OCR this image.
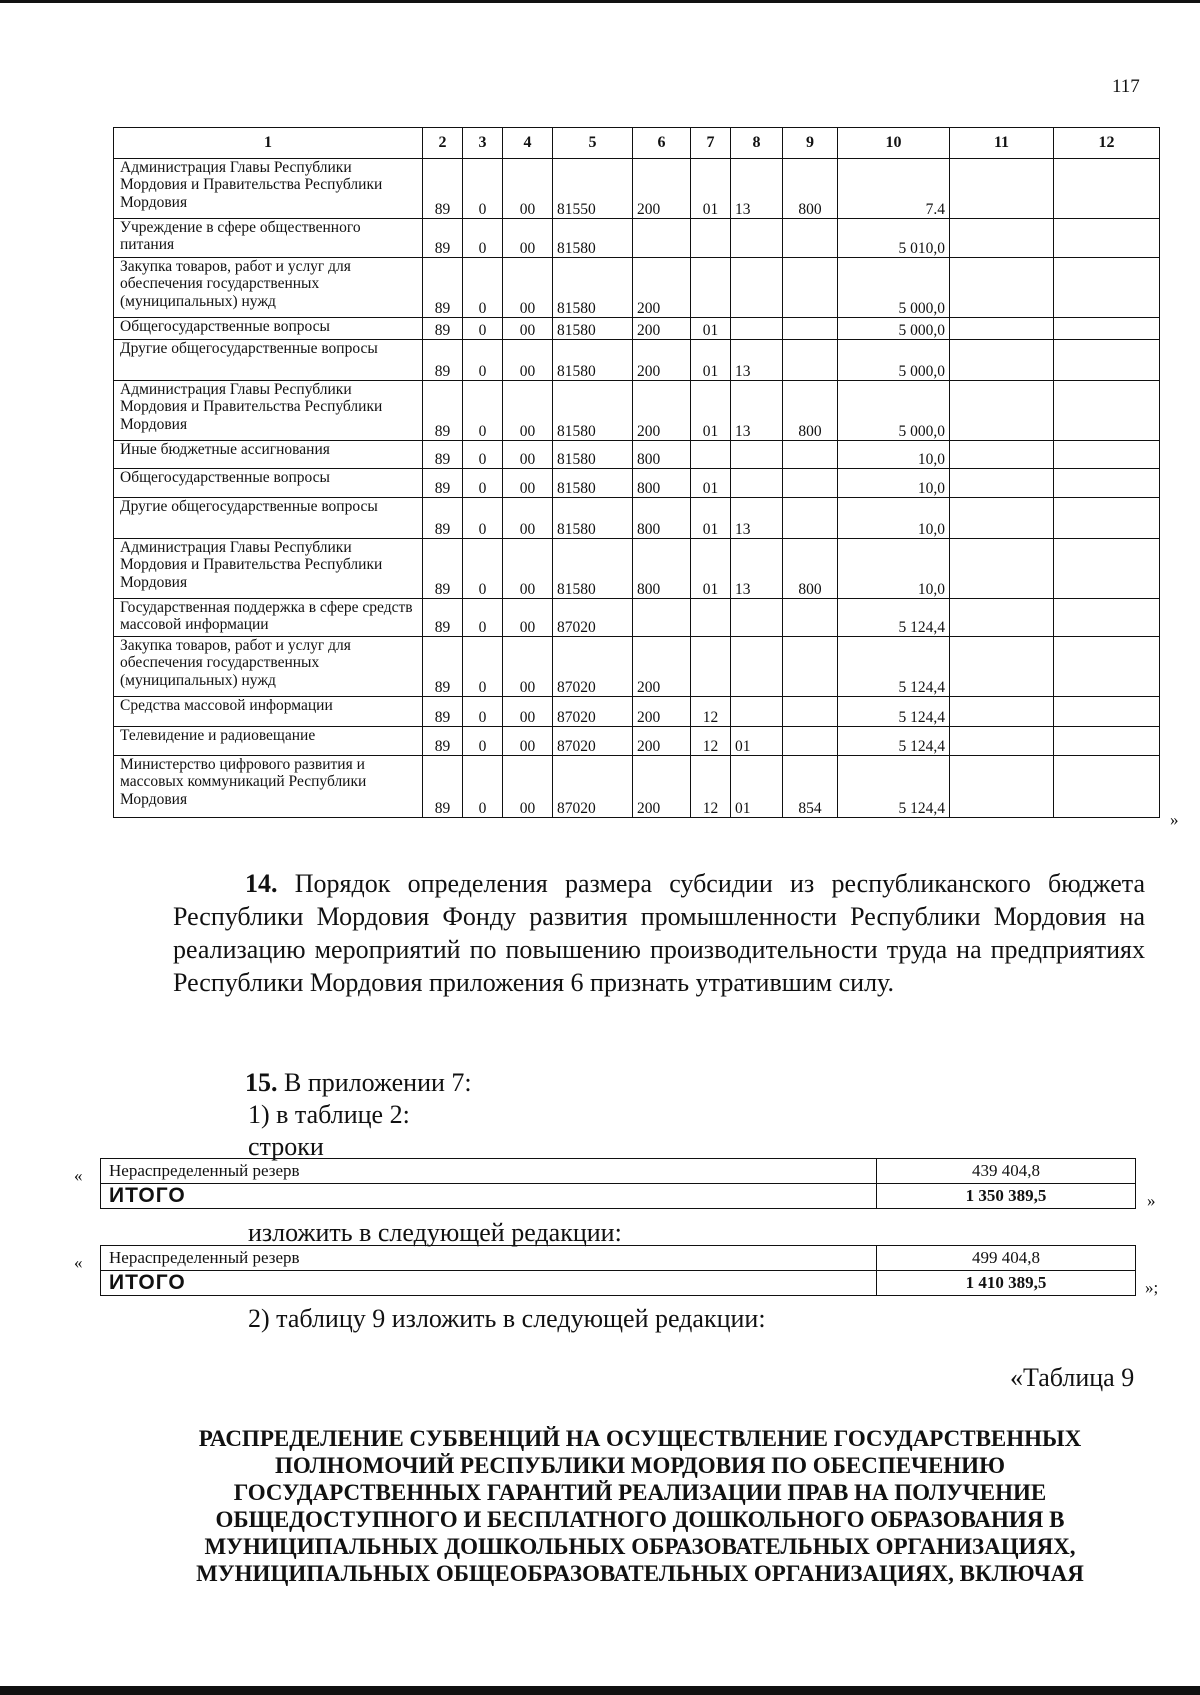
117
1	2	3	4	5	6	7	8	9	10	11	12
Администрация Главы Республики Мордовия и Правительства Республики Мордовия	89	0	00	81550	200	01	13	800	7.4		
Учреждение в сфере общественного питания	89	0	00	81580					5 010,0		
Закупка товаров, работ и услуг для обеспечения государственных (муниципальных) нужд	89	0	00	81580	200				5 000,0		
Общегосударственные вопросы	89	0	00	81580	200	01			5 000,0		
Другие общегосударственные вопросы	89	0	00	81580	200	01	13		5 000,0		
Администрация Главы Республики Мордовия и Правительства Республики Мордовия	89	0	00	81580	200	01	13	800	5 000,0		
Иные бюджетные ассигнования	89	0	00	81580	800				10,0		
Общегосударственные вопросы	89	0	00	81580	800	01			10,0		
Другие общегосударственные вопросы	89	0	00	81580	800	01	13		10,0		
Администрация Главы Республики Мордовия и Правительства Республики Мордовия	89	0	00	81580	800	01	13	800	10,0		
Государственная поддержка в сфере средств массовой информации	89	0	00	87020					5 124,4		
Закупка товаров, работ и услуг для обеспечения государственных (муниципальных) нужд	89	0	00	87020	200				5 124,4		
Средства массовой информации	89	0	00	87020	200	12			5 124,4		
Телевидение и радиовещание	89	0	00	87020	200	12	01		5 124,4		
Министерство цифрового развития и массовых коммуникаций Республики Мордовия	89	0	00	87020	200	12	01	854	5 124,4		
»
14. Порядок определения размера субсидии из республиканского бюджета Республики Мордовия Фонду развития промышленности Республики Мордовия на реализацию мероприятий по повышению производительности труда на предприятиях Республики Мордовия приложения 6 признать утратившим силу.
15. В приложении 7:
1) в таблице 2:
строки
« Нераспределенный резерв	439 404,8
ИТОГО	1 350 389,5	»
изложить в следующей редакции:
« Нераспределенный резерв	499 404,8
ИТОГО	1 410 389,5	»;
2) таблицу 9 изложить в следующей редакции:
«Таблица 9
РАСПРЕДЕЛЕНИЕ СУБВЕНЦИЙ НА ОСУЩЕСТВЛЕНИЕ ГОСУДАРСТВЕННЫХ
ПОЛНОМОЧИЙ РЕСПУБЛИКИ МОРДОВИЯ ПО ОБЕСПЕЧЕНИЮ
ГОСУДАРСТВЕННЫХ ГАРАНТИЙ РЕАЛИЗАЦИИ ПРАВ НА ПОЛУЧЕНИЕ
ОБЩЕДОСТУПНОГО И БЕСПЛАТНОГО ДОШКОЛЬНОГО ОБРАЗОВАНИЯ В
МУНИЦИПАЛЬНЫХ ДОШКОЛЬНЫХ ОБРАЗОВАТЕЛЬНЫХ ОРГАНИЗАЦИЯХ,
МУНИЦИПАЛЬНЫХ ОБЩЕОБРАЗОВАТЕЛЬНЫХ ОРГАНИЗАЦИЯХ, ВКЛЮЧАЯ
